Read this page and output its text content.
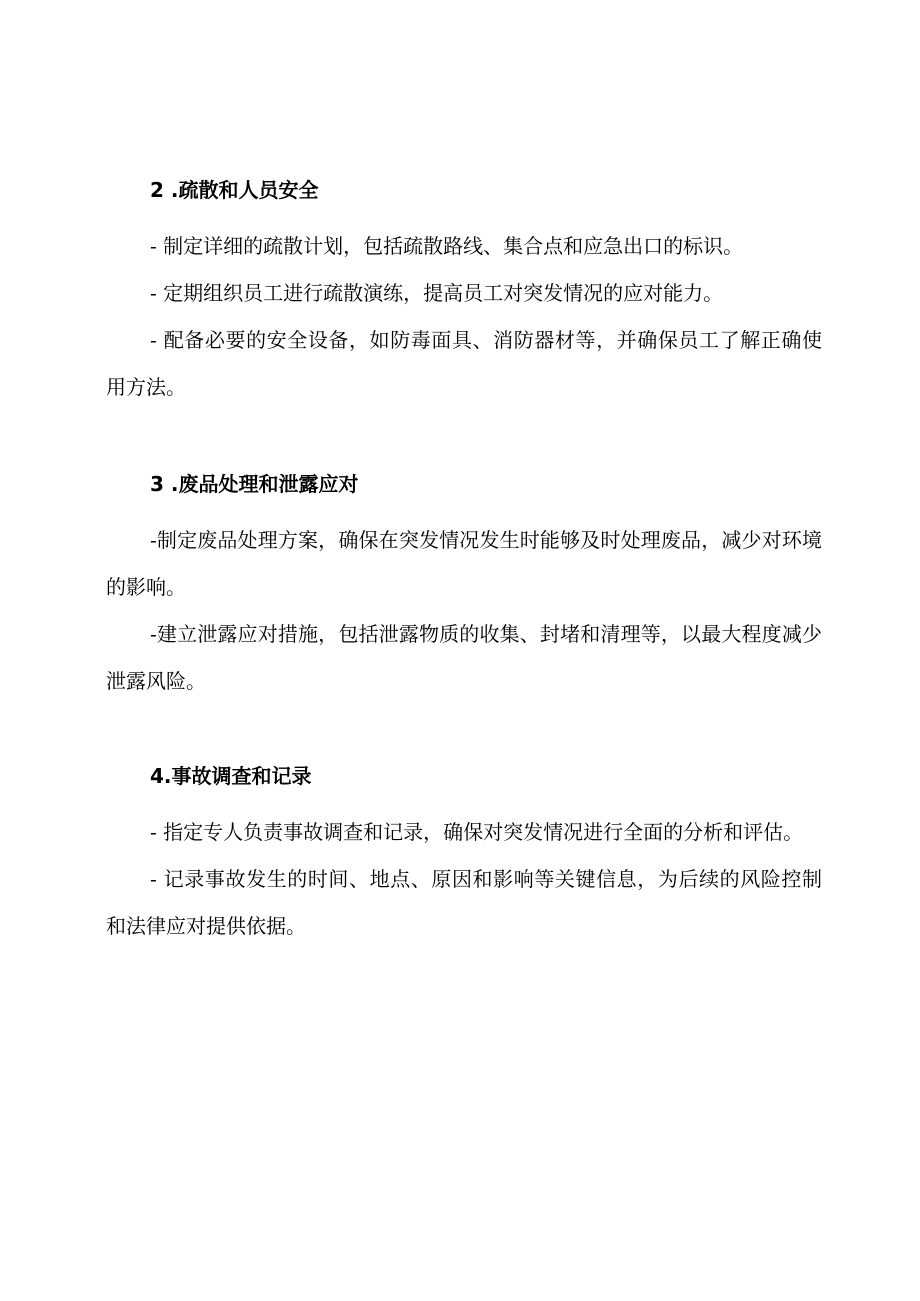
2 .疏散和人员安全

- 制定详细的疏散计划，包括疏散路线、集合点和应急出口的标识。

- 定期组织员工进行疏散演练，提高员工对突发情况的应对能力。

- 配备必要的安全设备，如防毒面具、消防器材等，并确保员工了解正确使用方法。

3 .废品处理和泄露应对

-制定废品处理方案，确保在突发情况发生时能够及时处理废品，减少对环境的影响。

-建立泄露应对措施，包括泄露物质的收集、封堵和清理等，以最大程度减少泄露风险。

4.事故调查和记录

- 指定专人负责事故调查和记录，确保对突发情况进行全面的分析和评估。

- 记录事故发生的时间、地点、原因和影响等关键信息，为后续的风险控制和法律应对提供依据。
